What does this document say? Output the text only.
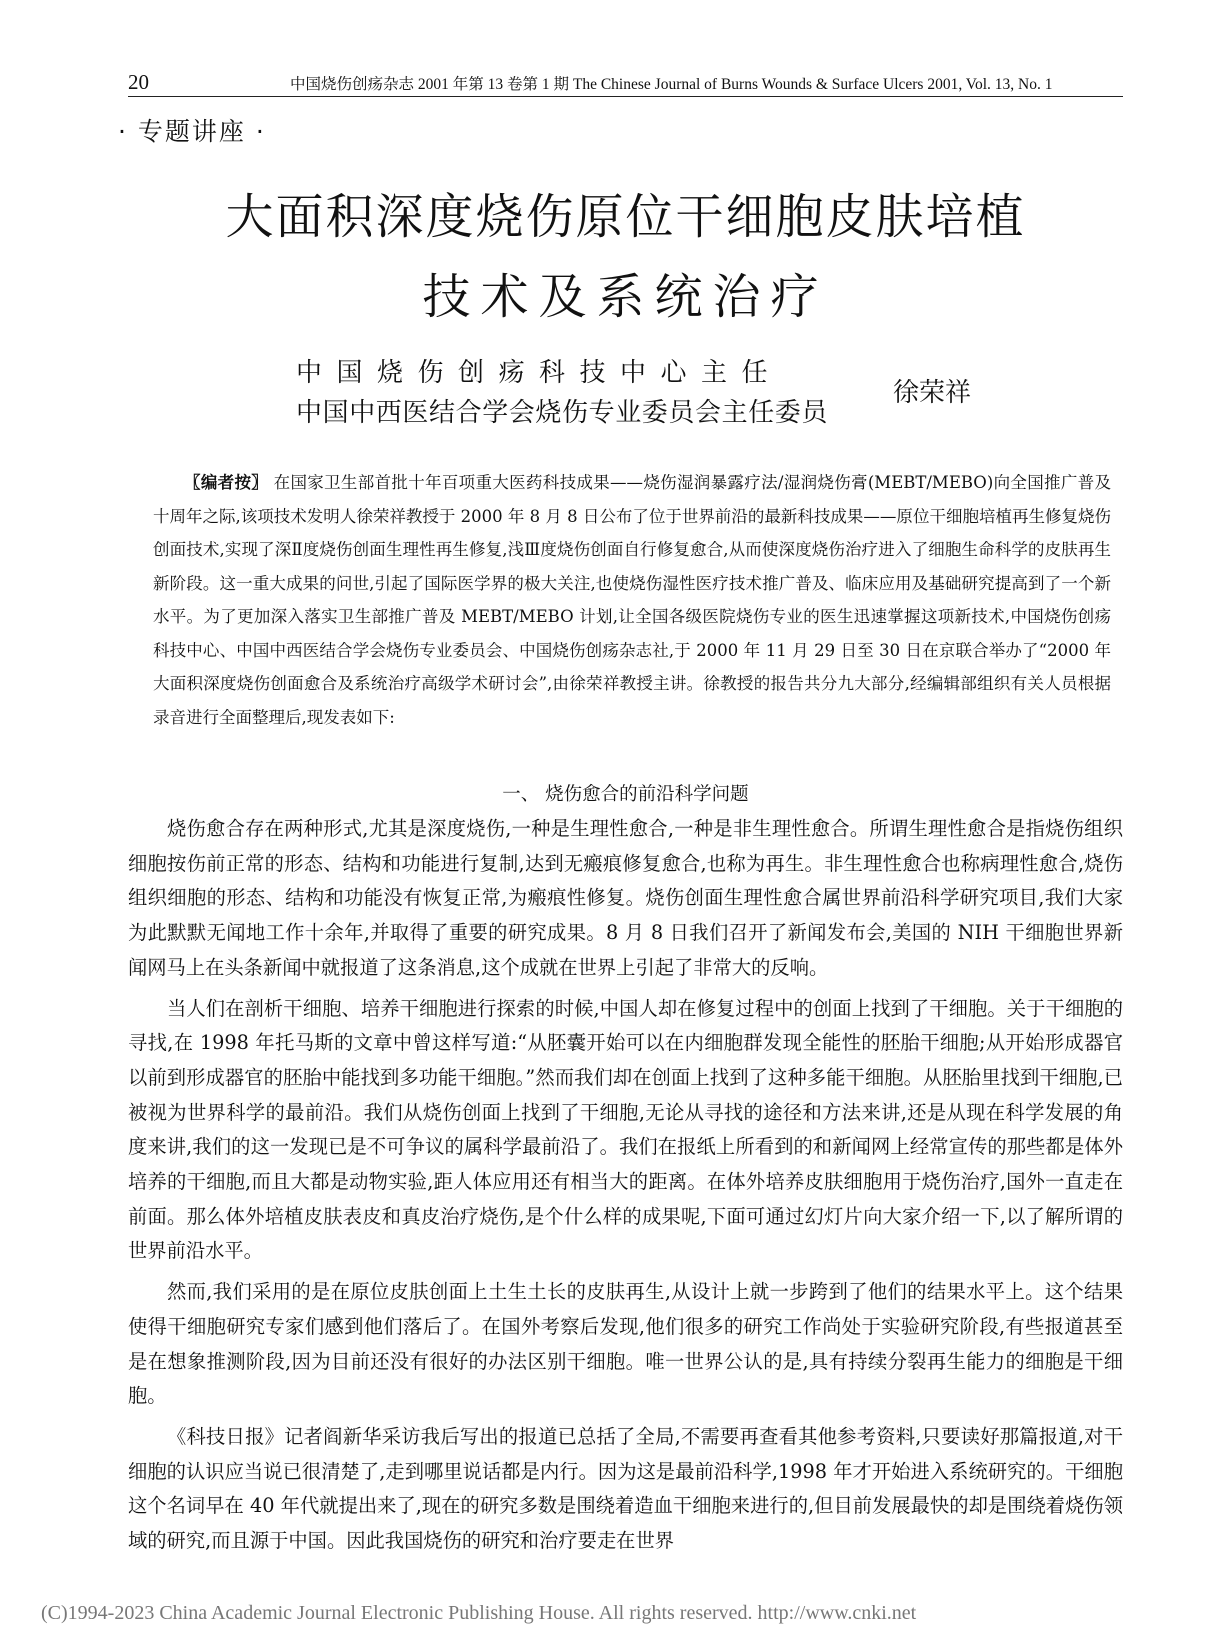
20	中国烧伤创疡杂志 2001 年第 13 卷第 1 期 The Chinese Journal of Burns Wounds & Surface Ulcers 2001, Vol. 13, No. 1
· 专题讲座 ·
大面积深度烧伤原位干细胞皮肤培植
技术及系统治疗
中国烧伤创疡科技中心主任
中国中西医结合学会烧伤专业委员会主任委员
徐荣祥
〖编者按〗 在国家卫生部首批十年百项重大医药科技成果——烧伤湿润暴露疗法/湿润烧伤膏(MEBT/MEBO)向全国推广普及十周年之际,该项技术发明人徐荣祥教授于 2000 年 8 月 8 日公布了位于世界前沿的最新科技成果——原位干细胞培植再生修复烧伤创面技术,实现了深Ⅱ度烧伤创面生理性再生修复,浅Ⅲ度烧伤创面自行修复愈合,从而使深度烧伤治疗进入了细胞生命科学的皮肤再生新阶段。这一重大成果的问世,引起了国际医学界的极大关注,也使烧伤湿性医疗技术推广普及、临床应用及基础研究提高到了一个新水平。为了更加深入落实卫生部推广普及 MEBT/MEBO 计划,让全国各级医院烧伤专业的医生迅速掌握这项新技术,中国烧伤创疡科技中心、中国中西医结合学会烧伤专业委员会、中国烧伤创疡杂志社,于 2000 年 11 月 29 日至 30 日在京联合举办了“2000 年大面积深度烧伤创面愈合及系统治疗高级学术研讨会”,由徐荣祥教授主讲。徐教授的报告共分九大部分,经编辑部组织有关人员根据录音进行全面整理后,现发表如下:
一、 烧伤愈合的前沿科学问题

烧伤愈合存在两种形式,尤其是深度烧伤,一种是生理性愈合,一种是非生理性愈合。所谓生理性愈合是指烧伤组织细胞按伤前正常的形态、结构和功能进行复制,达到无瘢痕修复愈合,也称为再生。非生理性愈合也称病理性愈合,烧伤组织细胞的形态、结构和功能没有恢复正常,为瘢痕性修复。烧伤创面生理性愈合属世界前沿科学研究项目,我们大家为此默默无闻地工作十余年,并取得了重要的研究成果。8 月 8 日我们召开了新闻发布会,美国的 NIH 干细胞世界新闻网马上在头条新闻中就报道了这条消息,这个成就在世界上引起了非常大的反响。

当人们在剖析干细胞、培养干细胞进行探索的时候,中国人却在修复过程中的创面上找到了干细胞。关于干细胞的寻找,在 1998 年托马斯的文章中曾这样写道:“从胚囊开始可以在内细胞群发现全能性的胚胎干细胞;从开始形成器官以前到形成器官的胚胎中能找到多功能干细胞。”然而我们却在创面上找到了这种多能干细胞。从胚胎里找到干细胞,已被视为世界科学的最前沿。我们从烧伤创面上找到了干细胞,无论从寻找的途径和方法来讲,还是从现在科学发展的角度来讲,我们的这一发现已是不可争议的属科学最前沿了。我们在报纸上所看到的和新闻网上经常宣传的那些都是体外培养的干细胞,而且大都是动物实验,距人体应用还有相当大的距离。在体外培养皮肤细胞用于烧伤治疗,国外一直走在前面。那么体外培植皮肤表皮和真皮治疗烧伤,是个什么样的成果呢,下面可通过幻灯片向大家介绍一下,以了解所谓的世界前沿水平。

然而,我们采用的是在原位皮肤创面上土生土长的皮肤再生,从设计上就一步跨到了他们的结果水平上。这个结果使得干细胞研究专家们感到他们落后了。在国外考察后发现,他们很多的研究工作尚处于实验研究阶段,有些报道甚至是在想象推测阶段,因为目前还没有很好的办法区别干细胞。唯一世界公认的是,具有持续分裂再生能力的细胞是干细胞。

《科技日报》记者阎新华采访我后写出的报道已总括了全局,不需要再查看其他参考资料,只要读好那篇报道,对干细胞的认识应当说已很清楚了,走到哪里说话都是内行。因为这是最前沿科学,1998 年才开始进入系统研究的。干细胞这个名词早在 40 年代就提出来了,现在的研究多数是围绕着造血干细胞来进行的,但目前发展最快的却是围绕着烧伤领域的研究,而且源于中国。因此我国烧伤的研究和治疗要走在世界

(C)1994-2023 China Academic Journal Electronic Publishing House. All rights reserved. http://www.cnki.net
